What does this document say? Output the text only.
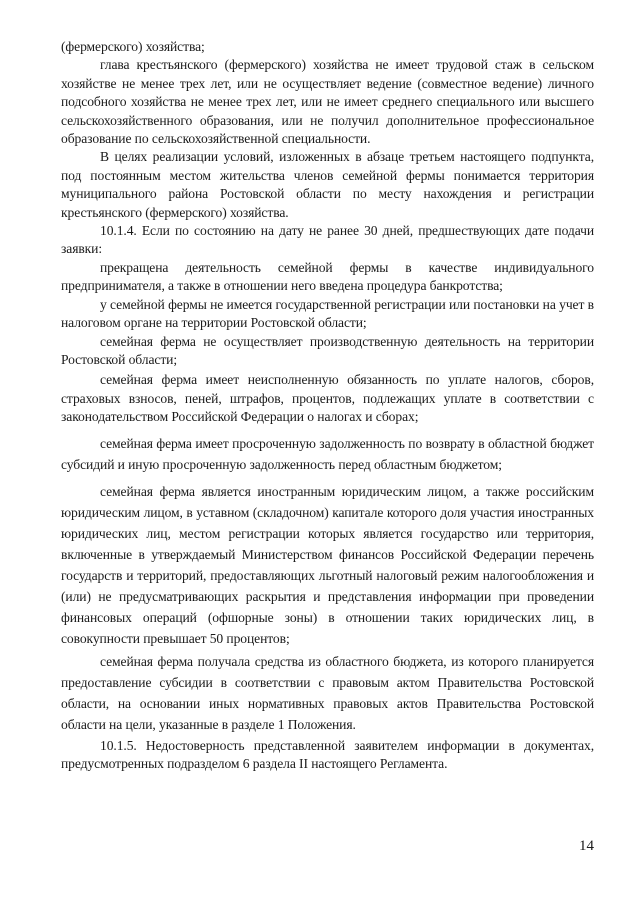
(фермерского) хозяйства;

глава крестьянского (фермерского) хозяйства не имеет трудовой стаж в сельском хозяйстве не менее трех лет, или не осуществляет ведение (совместное ведение) личного подсобного хозяйства не менее трех лет, или не имеет среднего специального или высшего сельскохозяйственного образования, или не получил дополнительное профессиональное образование по сельскохозяйственной специальности.

В целях реализации условий, изложенных в абзаце третьем настоящего подпункта, под постоянным местом жительства членов семейной фермы понимается территория муниципального района Ростовской области по месту нахождения и регистрации крестьянского (фермерского) хозяйства.

10.1.4. Если по состоянию на дату не ранее 30 дней, предшествующих дате подачи заявки:

прекращена деятельность семейной фермы в качестве индивидуального предпринимателя, а также в отношении него введена процедура банкротства;

у семейной фермы не имеется государственной регистрации или постановки на учет в налоговом органе на территории Ростовской области;

семейная ферма не осуществляет производственную деятельность на территории Ростовской области;

семейная ферма имеет неисполненную обязанность по уплате налогов, сборов, страховых взносов, пеней, штрафов, процентов, подлежащих уплате в соответствии с законодательством Российской Федерации о налогах и сборах;

семейная ферма имеет просроченную задолженность по возврату в областной бюджет субсидий и иную просроченную задолженность перед областным бюджетом;

семейная ферма является иностранным юридическим лицом, а также российским юридическим лицом, в уставном (складочном) капитале которого доля участия иностранных юридических лиц, местом регистрации которых является государство или территория, включенные в утверждаемый Министерством финансов Российской Федерации перечень государств и территорий, предоставляющих льготный налоговый режим налогообложения и (или) не предусматривающих раскрытия и представления информации при проведении финансовых операций (офшорные зоны) в отношении таких юридических лиц, в совокупности превышает 50 процентов;

семейная ферма получала средства из областного бюджета, из которого планируется предоставление субсидии в соответствии с правовым актом Правительства Ростовской области, на основании иных нормативных правовых актов Правительства Ростовской области на цели, указанные в разделе 1 Положения.

10.1.5. Недостоверность представленной заявителем информации в документах, предусмотренных подразделом 6 раздела II настоящего Регламента.

14
